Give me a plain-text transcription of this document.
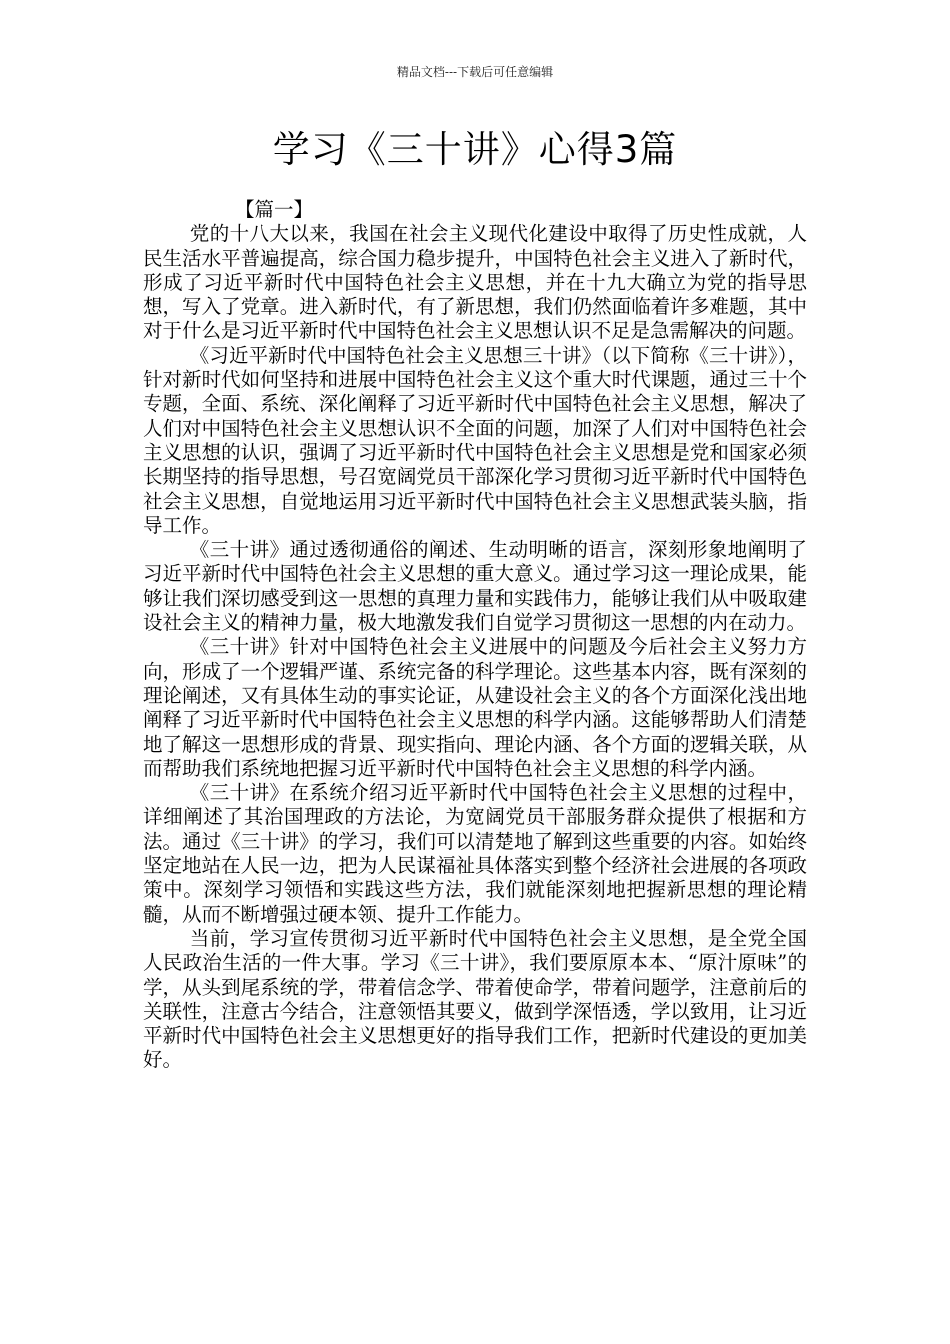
精品文档---下载后可任意编辑
学习《三十讲》心得3篇

【篇一】

党的十八大以来，我国在社会主义现代化建设中取得了历史性成就，人民生活水平普遍提高，综合国力稳步提升，中国特色社会主义进入了新时代，形成了习近平新时代中国特色社会主义思想，并在十九大确立为党的指导思想，写入了党章。进入新时代，有了新思想，我们仍然面临着许多难题，其中对于什么是习近平新时代中国特色社会主义思想认识不足是急需解决的问题。

《习近平新时代中国特色社会主义思想三十讲》（以下简称《三十讲》），针对新时代如何坚持和进展中国特色社会主义这个重大时代课题，通过三十个专题，全面、系统、深化阐释了习近平新时代中国特色社会主义思想，解决了人们对中国特色社会主义思想认识不全面的问题，加深了人们对中国特色社会主义思想的认识，强调了习近平新时代中国特色社会主义思想是党和国家必须长期坚持的指导思想，号召宽阔党员干部深化学习贯彻习近平新时代中国特色社会主义思想，自觉地运用习近平新时代中国特色社会主义思想武装头脑，指导工作。

《三十讲》通过透彻通俗的阐述、生动明晰的语言，深刻形象地阐明了习近平新时代中国特色社会主义思想的重大意义。通过学习这一理论成果，能够让我们深切感受到这一思想的真理力量和实践伟力，能够让我们从中吸取建设社会主义的精神力量，极大地激发我们自觉学习贯彻这一思想的内在动力。

《三十讲》针对中国特色社会主义进展中的问题及今后社会主义努力方向，形成了一个逻辑严谨、系统完备的科学理论。这些基本内容，既有深刻的理论阐述，又有具体生动的事实论证，从建设社会主义的各个方面深化浅出地阐释了习近平新时代中国特色社会主义思想的科学内涵。这能够帮助人们清楚地了解这一思想形成的背景、现实指向、理论内涵、各个方面的逻辑关联，从而帮助我们系统地把握习近平新时代中国特色社会主义思想的科学内涵。

《三十讲》在系统介绍习近平新时代中国特色社会主义思想的过程中，详细阐述了其治国理政的方法论，为宽阔党员干部服务群众提供了根据和方法。通过《三十讲》的学习，我们可以清楚地了解到这些重要的内容。如始终坚定地站在人民一边，把为人民谋福祉具体落实到整个经济社会进展的各项政策中。深刻学习领悟和实践这些方法，我们就能深刻地把握新思想的理论精髓，从而不断增强过硬本领、提升工作能力。

当前，学习宣传贯彻习近平新时代中国特色社会主义思想，是全党全国人民政治生活的一件大事。学习《三十讲》，我们要原原本本、“原汁原味”的学，从头到尾系统的学，带着信念学、带着使命学，带着问题学，注意前后的关联性，注意古今结合，注意领悟其要义，做到学深悟透，学以致用，让习近平新时代中国特色社会主义思想更好的指导我们工作，把新时代建设的更加美好。
